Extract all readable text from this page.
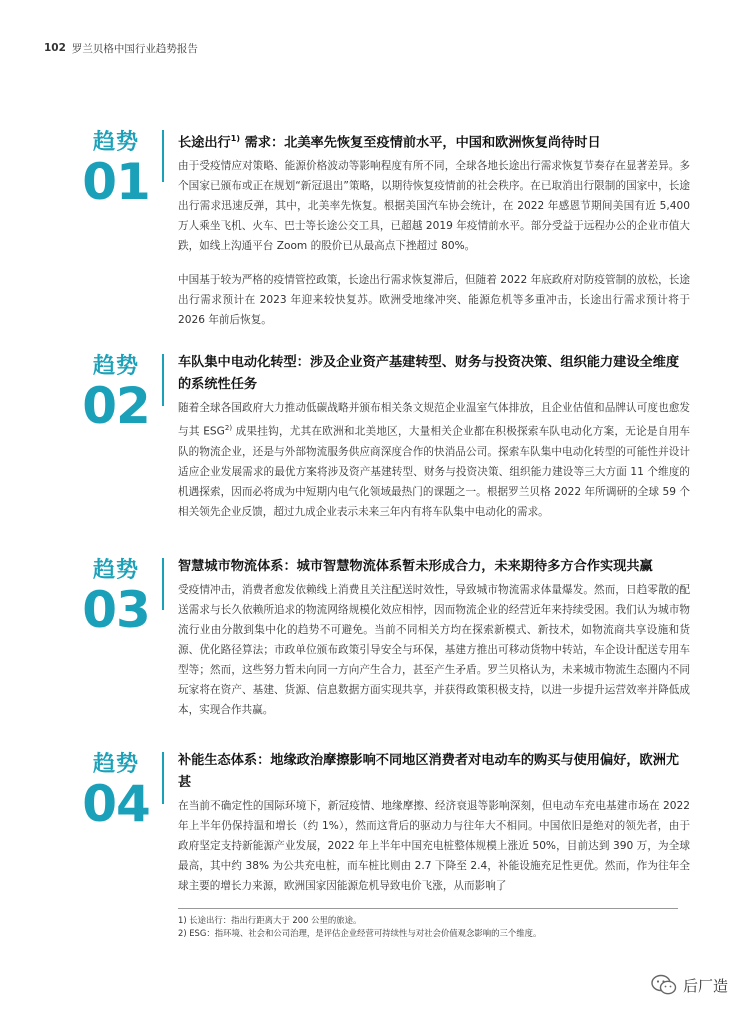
102 罗兰贝格中国行业趋势报告
趋势
01
长途出行$^{1)}$ 需求：北美率先恢复至疫情前水平，中国和欧洲恢复尚待时日

由于受疫情应对策略、能源价格波动等影响程度有所不同，全球各地长途出行需求恢复节奏存在显著差异。多个国家已颁布或正在规划“新冠退出”策略，以期待恢复疫情前的社会秩序。在已取消出行限制的国家中，长途出行需求迅速反弹，其中，北美率先恢复。根据美国汽车协会统计，在 2022 年感恩节期间美国有近 5,400 万人乘坐飞机、火车、巴士等长途公交工具，已超越 2019 年疫情前水平。部分受益于远程办公的企业市值大跌，如线上沟通平台 Zoom 的股价已从最高点下挫超过 80%。

中国基于较为严格的疫情管控政策，长途出行需求恢复滞后，但随着 2022 年底政府对防疫管制的放松，长途出行需求预计在 2023 年迎来较快复苏。欧洲受地缘冲突、能源危机等多重冲击，长途出行需求预计将于 2026 年前后恢复。

趋势
02
车队集中电动化转型：涉及企业资产基建转型、财务与投资决策、组织能力建设全维度的系统性任务

随着全球各国政府大力推动低碳战略并颁布相关条文规范企业温室气体排放，且企业估值和品牌认可度也愈发与其 ESG$^{2)}$ 成果挂钩，尤其在欧洲和北美地区，大量相关企业都在积极探索车队电动化方案，无论是自用车队的物流企业，还是与外部物流服务供应商深度合作的快消品公司。探索车队集中电动化转型的可能性并设计适应企业发展需求的最优方案将涉及资产基建转型、财务与投资决策、组织能力建设等三大方面 11 个维度的机遇探索，因而必将成为中短期内电气化领域最热门的课题之一。根据罗兰贝格 2022 年所调研的全球 59 个相关领先企业反馈，超过九成企业表示未来三年内有将车队集中电动化的需求。

趋势
03
智慧城市物流体系：城市智慧物流体系暂未形成合力，未来期待多方合作实现共赢

受疫情冲击，消费者愈发依赖线上消费且关注配送时效性，导致城市物流需求体量爆发。然而，日趋零散的配送需求与长久依赖所追求的物流网络规模化效应相悖，因而物流企业的经营近年来持续受困。我们认为城市物流行业由分散到集中化的趋势不可避免。当前不同相关方均在探索新模式、新技术，如物流商共享设施和货源、优化路径算法；市政单位颁布政策引导安全与环保，基建方推出可移动货物中转站，车企设计配送专用车型等；然而，这些努力暂未向同一方向产生合力，甚至产生矛盾。罗兰贝格认为，未来城市物流生态圈内不同玩家将在资产、基建、货源、信息数据方面实现共享，并获得政策积极支持，以进一步提升运营效率并降低成本，实现合作共赢。

趋势
04
补能生态体系：地缘政治摩擦影响不同地区消费者对电动车的购买与使用偏好，欧洲尤甚

在当前不确定性的国际环境下，新冠疫情、地缘摩擦、经济衰退等影响深刻，但电动车充电基建市场在 2022 年上半年仍保持温和增长（约 1%），然而这背后的驱动力与往年大不相同。中国依旧是绝对的领先者，由于政府坚定支持新能源产业发展，2022 年上半年中国充电桩整体规模上涨近 50%，目前达到 390 万，为全球最高，其中约 38% 为公共充电桩，而车桩比则由 2.7 下降至 2.4，补能设施充足性更优。然而，作为往年全球主要的增长力来源，欧洲国家因能源危机导致电价飞涨，从而影响了

1) 长途出行：指出行距离大于 200 公里的旅途。
2) ESG：指环境、社会和公司治理，是评估企业经营可持续性与对社会价值观念影响的三个维度。
后厂造
